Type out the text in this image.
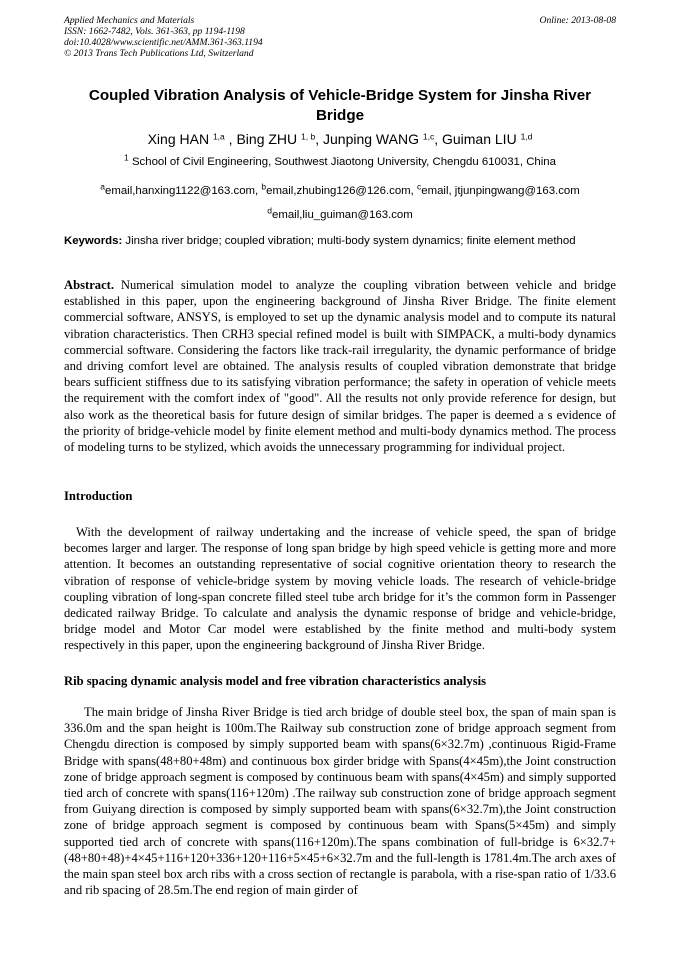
Applied Mechanics and Materials
ISSN: 1662-7482, Vols. 361-363, pp 1194-1198
doi:10.4028/www.scientific.net/AMM.361-363.1194
© 2013 Trans Tech Publications Ltd, Switzerland
Online: 2013-08-08
Coupled Vibration Analysis of Vehicle-Bridge System for Jinsha River Bridge
Xing HAN $^{1,a}$ , Bing ZHU $^{1, b}$, Junping WANG $^{1,c}$, Guiman LIU $^{1,d}$
$^1$ School of Civil Engineering, Southwest Jiaotong University, Chengdu 610031, China
$^a$email,hanxing1122@163.com, $^b$email,zhubing126@126.com, $^c$email, jtjunpingwang@163.com
$^d$email,liu_guiman@163.com
Keywords: Jinsha river bridge; coupled vibration; multi-body system dynamics; finite element method

Abstract. Numerical simulation model to analyze the coupling vibration between vehicle and bridge established in this paper, upon the engineering background of Jinsha River Bridge. The finite element commercial software, ANSYS, is employed to set up the dynamic analysis model and to compute its natural vibration characteristics. Then CRH3 special refined model is built with SIMPACK, a multi-body dynamics commercial software. Considering the factors like track-rail irregularity, the dynamic performance of bridge and driving comfort level are obtained. The analysis results of coupled vibration demonstrate that bridge bears sufficient stiffness due to its satisfying vibration performance; the safety in operation of vehicle meets the requirement with the comfort index of "good". All the results not only provide reference for design, but also work as the theoretical basis for future design of similar bridges. The paper is deemed a s evidence of the priority of bridge-vehicle model by finite element method and multi-body dynamics method. The process of modeling turns to be stylized, which avoids the unnecessary programming for individual project.

Introduction

With the development of railway undertaking and the increase of vehicle speed, the span of bridge becomes larger and larger. The response of long span bridge by high speed vehicle is getting more and more attention. It becomes an outstanding representative of social cognitive orientation theory to research the vibration of response of vehicle-bridge system by moving vehicle loads. The research of vehicle-bridge coupling vibration of long-span concrete filled steel tube arch bridge for it’s the common form in Passenger dedicated railway Bridge. To calculate and analysis the dynamic response of bridge and vehicle-bridge, bridge model and Motor Car model were established by the finite method and multi-body system respectively in this paper, upon the engineering background of Jinsha River Bridge.

Rib spacing dynamic analysis model and free vibration characteristics analysis

The main bridge of Jinsha River Bridge is tied arch bridge of double steel box, the span of main span is 336.0m and the span height is 100m.The Railway sub construction zone of bridge approach segment from Chengdu direction is composed by simply supported beam with spans(6×32.7m) ,continuous Rigid-Frame Bridge with spans(48+80+48m) and continuous box girder bridge with Spans(4×45m),the Joint construction zone of bridge approach segment is composed by continuous beam with spans(4×45m) and simply supported tied arch of concrete with spans(116+120m) .The railway sub construction zone of bridge approach segment from Guiyang direction is composed by simply supported beam with spans(6×32.7m),the Joint construction zone of bridge approach segment is composed by continuous beam with Spans(5×45m) and simply supported tied arch of concrete with spans(116+120m).The spans combination of full-bridge is 6×32.7+(48+80+48)+4×45+116+120+336+120+116+5×45+6×32.7m and the full-length is 1781.4m.The arch axes of the main span steel box arch ribs with a cross section of rectangle is parabola, with a rise-span ratio of 1/33.6 and rib spacing of 28.5m.The end region of main girder of
